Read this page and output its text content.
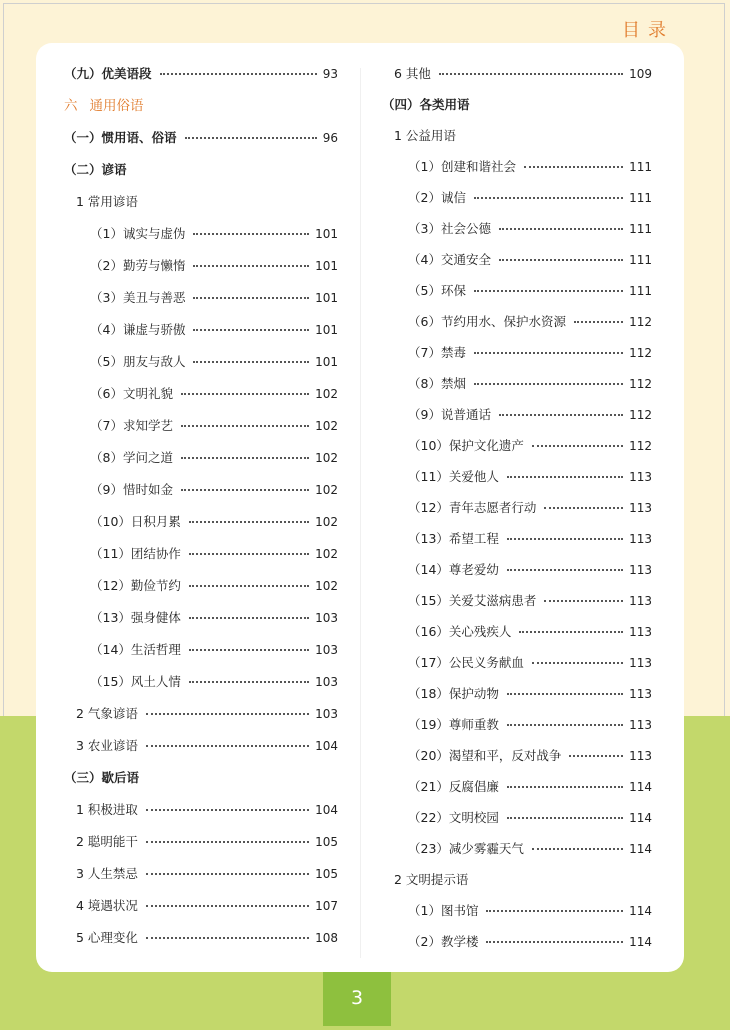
3
目录
（九）优美语段	93
六 通用俗语
（一）惯用语、俗语	96
（二）谚语
1 常用谚语
（1）诚实与虚伪	101
（2）勤劳与懒惰	101
（3）美丑与善恶	101
（4）谦虚与骄傲	101
（5）朋友与敌人	101
（6）文明礼貌	102
（7）求知学艺	102
（8）学问之道	102
（9）惜时如金	102
（10）日积月累	102
（11）团结协作	102
（12）勤俭节约	102
（13）强身健体	103
（14）生活哲理	103
（15）风土人情	103
2 气象谚语	103
3 农业谚语	104
（三）歇后语
1 积极进取	104
2 聪明能干	105
3 人生禁忌	105
4 境遇状况	107
5 心理变化	108
6 其他	109
（四）各类用语
1 公益用语
（1）创建和谐社会	111
（2）诚信	111
（3）社会公德	111
（4）交通安全	111
（5）环保	111
（6）节约用水、保护水资源	112
（7）禁毒	112
（8）禁烟	112
（9）说普通话	112
（10）保护文化遗产	112
（11）关爱他人	113
（12）青年志愿者行动	113
（13）希望工程	113
（14）尊老爱幼	113
（15）关爱艾滋病患者	113
（16）关心残疾人	113
（17）公民义务献血	113
（18）保护动物	113
（19）尊师重教	113
（20）渴望和平，反对战争	113
（21）反腐倡廉	114
（22）文明校园	114
（23）减少雾霾天气	114
2 文明提示语
（1）图书馆	114
（2）教学楼	114
